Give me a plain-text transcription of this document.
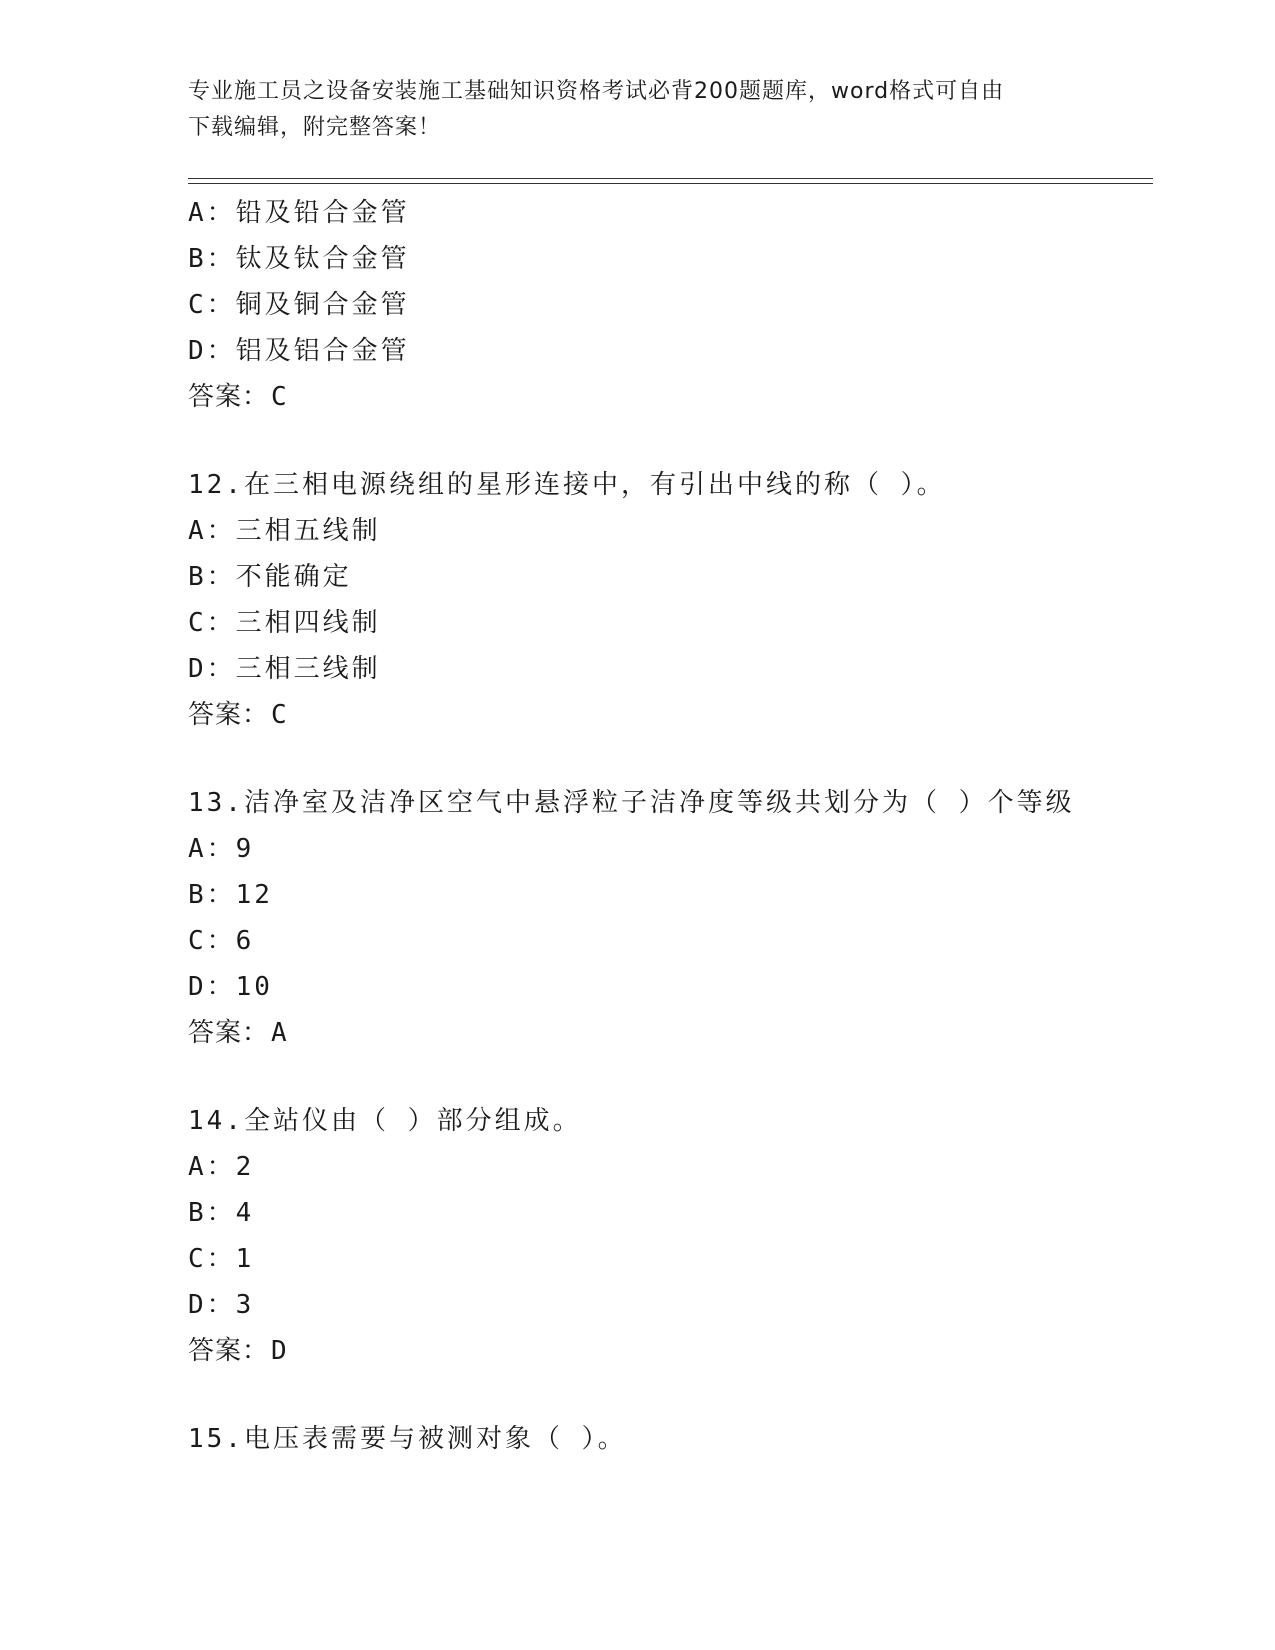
专业施工员之设备安装施工基础知识资格考试必背200题题库，word格式可自由
下载编辑，附完整答案！
A：铅及铅合金管
B：钛及钛合金管
C：铜及铜合金管
D：铝及铝合金管
答案：C
12.在三相电源绕组的星形连接中，有引出中线的称（ ）。
A：三相五线制
B：不能确定
C：三相四线制
D：三相三线制
答案：C
13.洁净室及洁净区空气中悬浮粒子洁净度等级共划分为（ ）个等级
A：9
B：12
C：6
D：10
答案：A
14.全站仪由（ ）部分组成。
A：2
B：4
C：1
D：3
答案：D
15.电压表需要与被测对象（ ）。
